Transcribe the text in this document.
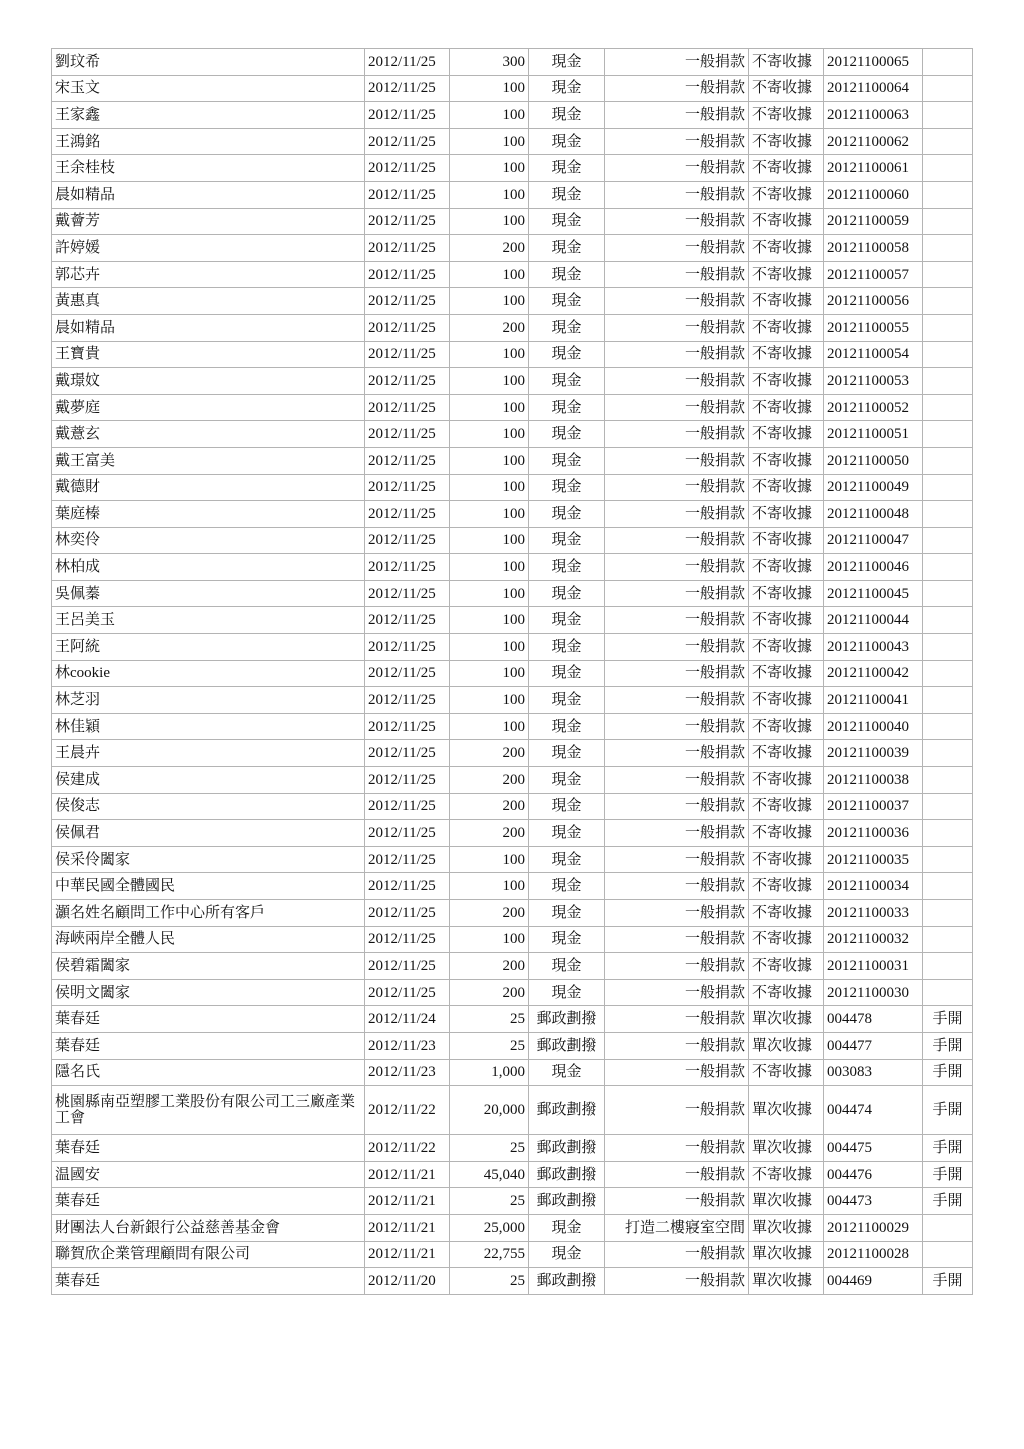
劉玟希	2012/11/25	300	現金	一般捐款	不寄收據	20121100065	
宋玉文	2012/11/25	100	現金	一般捐款	不寄收據	20121100064	
王家鑫	2012/11/25	100	現金	一般捐款	不寄收據	20121100063	
王鴻銘	2012/11/25	100	現金	一般捐款	不寄收據	20121100062	
王余桂枝	2012/11/25	100	現金	一般捐款	不寄收據	20121100061	
晨如精品	2012/11/25	100	現金	一般捐款	不寄收據	20121100060	
戴薈芳	2012/11/25	100	現金	一般捐款	不寄收據	20121100059	
許婷媛	2012/11/25	200	現金	一般捐款	不寄收據	20121100058	
郭芯卉	2012/11/25	100	現金	一般捐款	不寄收據	20121100057	
黃惠真	2012/11/25	100	現金	一般捐款	不寄收據	20121100056	
晨如精品	2012/11/25	200	現金	一般捐款	不寄收據	20121100055	
王寶貴	2012/11/25	100	現金	一般捐款	不寄收據	20121100054	
戴璟妏	2012/11/25	100	現金	一般捐款	不寄收據	20121100053	
戴夢庭	2012/11/25	100	現金	一般捐款	不寄收據	20121100052	
戴薏玄	2012/11/25	100	現金	一般捐款	不寄收據	20121100051	
戴王富美	2012/11/25	100	現金	一般捐款	不寄收據	20121100050	
戴德財	2012/11/25	100	現金	一般捐款	不寄收據	20121100049	
葉庭榛	2012/11/25	100	現金	一般捐款	不寄收據	20121100048	
林奕伶	2012/11/25	100	現金	一般捐款	不寄收據	20121100047	
林柏成	2012/11/25	100	現金	一般捐款	不寄收據	20121100046	
吳佩蓁	2012/11/25	100	現金	一般捐款	不寄收據	20121100045	
王呂美玉	2012/11/25	100	現金	一般捐款	不寄收據	20121100044	
王阿統	2012/11/25	100	現金	一般捐款	不寄收據	20121100043	
林cookie	2012/11/25	100	現金	一般捐款	不寄收據	20121100042	
林芝羽	2012/11/25	100	現金	一般捐款	不寄收據	20121100041	
林佳穎	2012/11/25	100	現金	一般捐款	不寄收據	20121100040	
王晨卉	2012/11/25	200	現金	一般捐款	不寄收據	20121100039	
侯建成	2012/11/25	200	現金	一般捐款	不寄收據	20121100038	
侯俊志	2012/11/25	200	現金	一般捐款	不寄收據	20121100037	
侯佩君	2012/11/25	200	現金	一般捐款	不寄收據	20121100036	
侯采伶闔家	2012/11/25	100	現金	一般捐款	不寄收據	20121100035	
中華民國全體國民	2012/11/25	100	現金	一般捐款	不寄收據	20121100034	
灝名姓名顧問工作中心所有客戶	2012/11/25	200	現金	一般捐款	不寄收據	20121100033	
海峽兩岸全體人民	2012/11/25	100	現金	一般捐款	不寄收據	20121100032	
侯碧霜闔家	2012/11/25	200	現金	一般捐款	不寄收據	20121100031	
侯明文闔家	2012/11/25	200	現金	一般捐款	不寄收據	20121100030	
葉春廷	2012/11/24	25	郵政劃撥	一般捐款	單次收據	004478	手開
葉春廷	2012/11/23	25	郵政劃撥	一般捐款	單次收據	004477	手開
隱名氏	2012/11/23	1,000	現金	一般捐款	不寄收據	003083	手開
桃園縣南亞塑膠工業股份有限公司工三廠產業工會	2012/11/22	20,000	郵政劃撥	一般捐款	單次收據	004474	手開
葉春廷	2012/11/22	25	郵政劃撥	一般捐款	單次收據	004475	手開
温國安	2012/11/21	45,040	郵政劃撥	一般捐款	不寄收據	004476	手開
葉春廷	2012/11/21	25	郵政劃撥	一般捐款	單次收據	004473	手開
財團法人台新銀行公益慈善基金會	2012/11/21	25,000	現金	打造二樓寢室空間	單次收據	20121100029	
聯賀欣企業管理顧問有限公司	2012/11/21	22,755	現金	一般捐款	單次收據	20121100028	
葉春廷	2012/11/20	25	郵政劃撥	一般捐款	單次收據	004469	手開
